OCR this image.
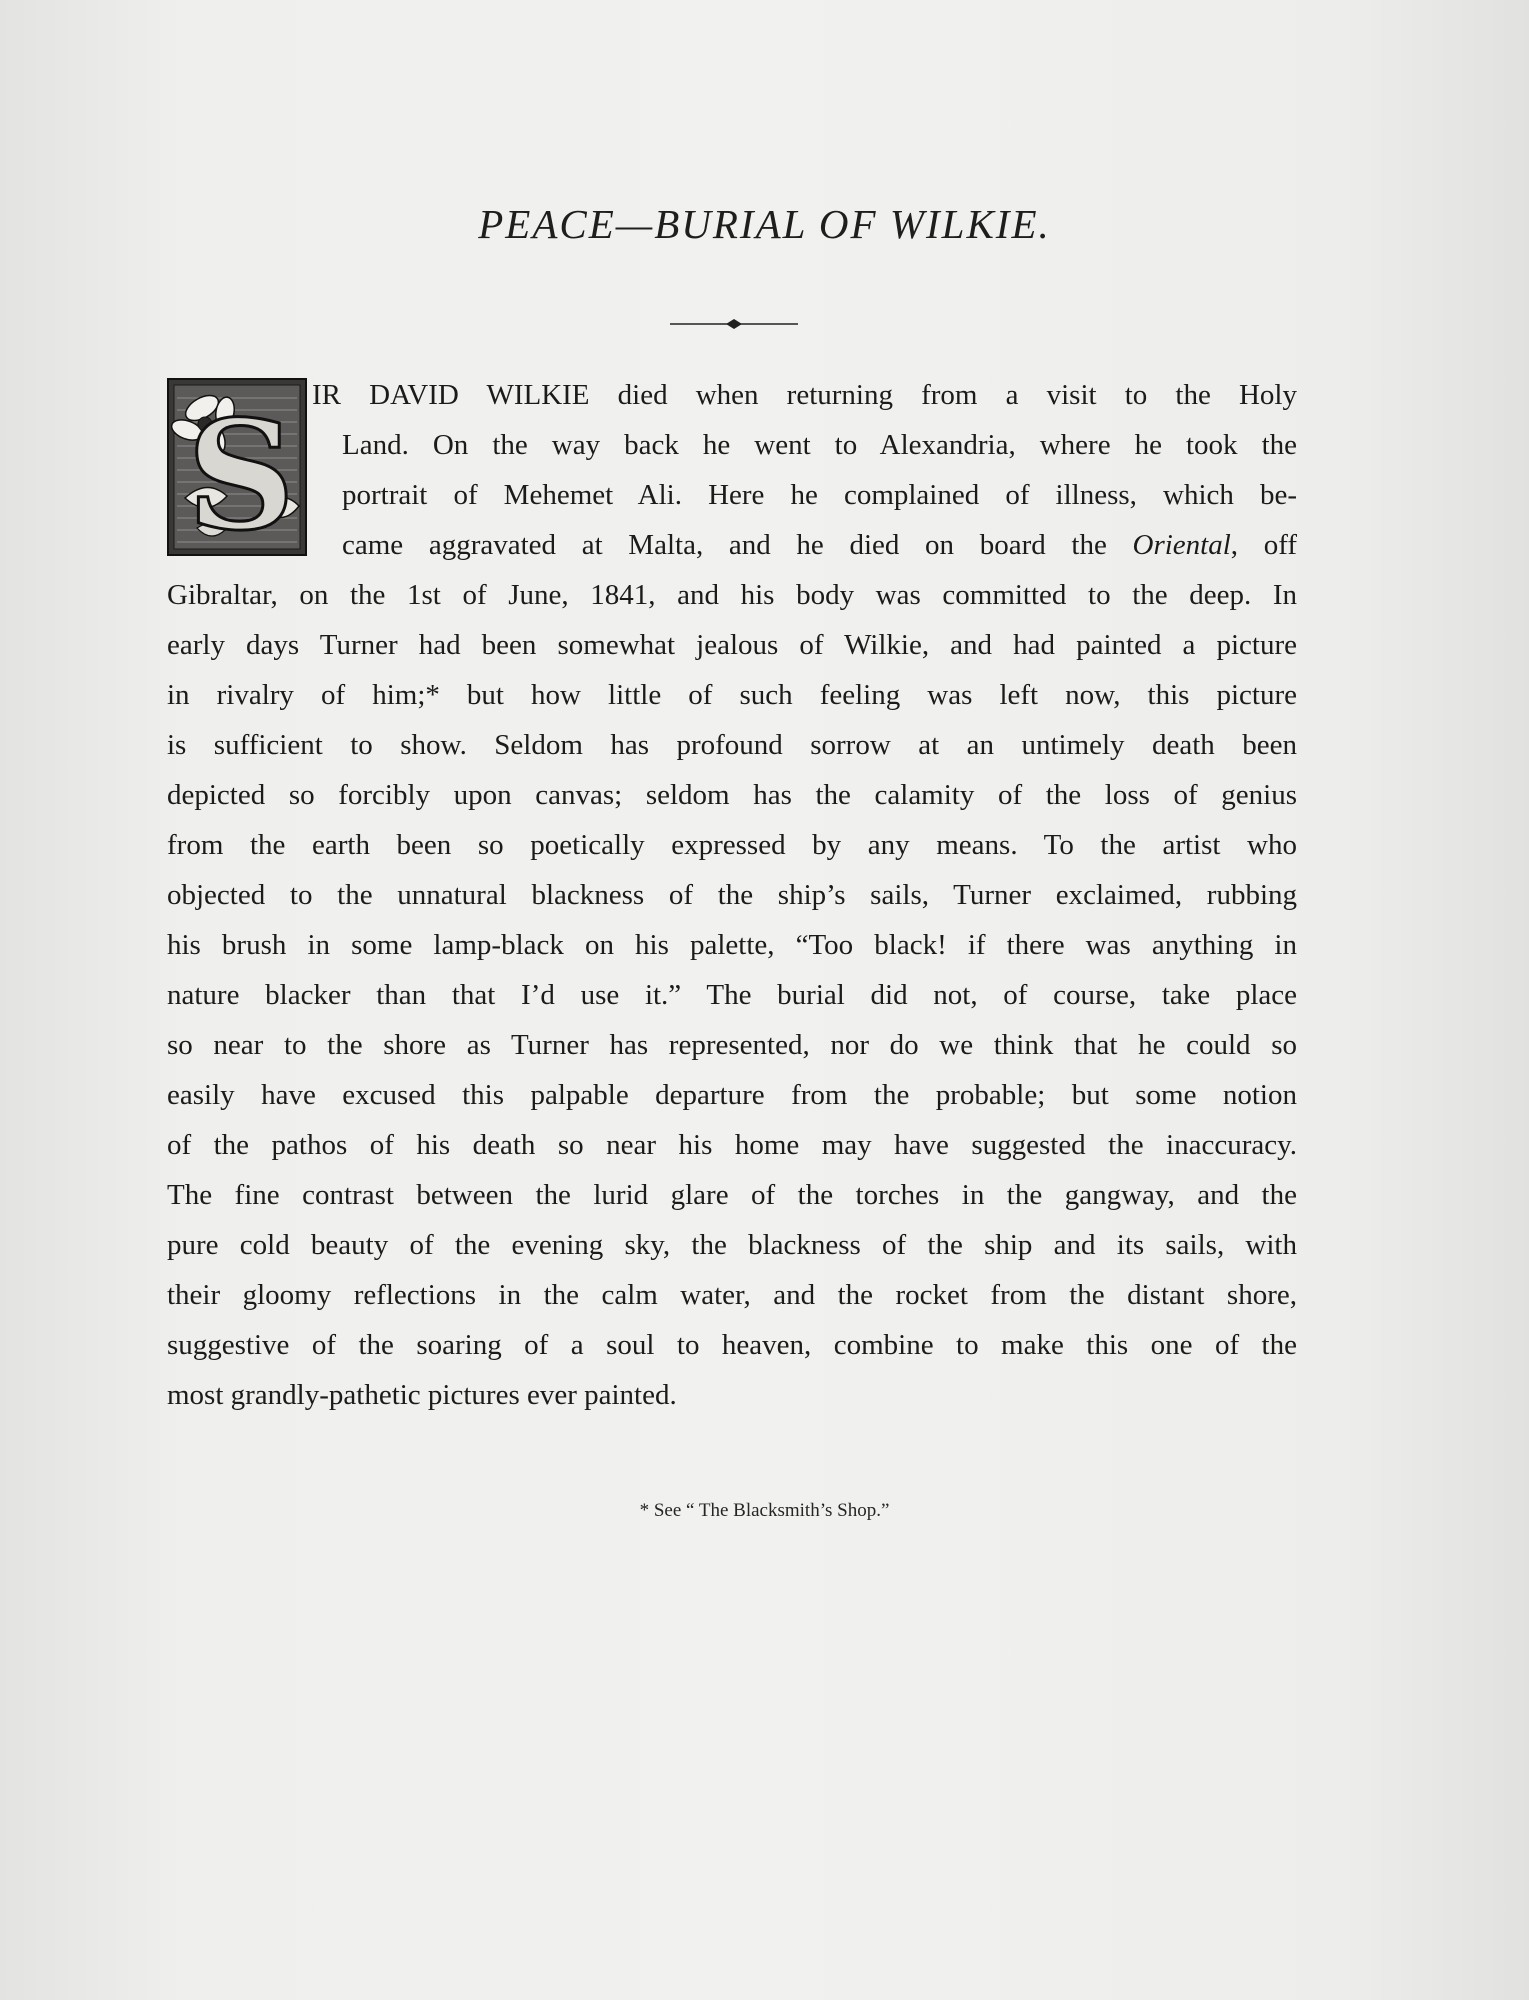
PEACE—BURIAL OF WILKIE.
S IR DAVID WILKIE died when returning from a visit to the Holy
Land. On the way back he went to Alexandria, where he took the
portrait of Mehemet Ali. Here he complained of illness, which be-
came aggravated at Malta, and he died on board the Oriental, off
Gibraltar, on the 1st of June, 1841, and his body was committed to the deep. In
early days Turner had been somewhat jealous of Wilkie, and had painted a picture
in rivalry of him;* but how little of such feeling was left now, this picture
is sufficient to show. Seldom has profound sorrow at an untimely death been
depicted so forcibly upon canvas; seldom has the calamity of the loss of genius
from the earth been so poetically expressed by any means. To the artist who
objected to the unnatural blackness of the ship’s sails, Turner exclaimed, rubbing
his brush in some lamp-black on his palette, “Too black! if there was anything in
nature blacker than that I’d use it.” The burial did not, of course, take place
so near to the shore as Turner has represented, nor do we think that he could so
easily have excused this palpable departure from the probable; but some notion
of the pathos of his death so near his home may have suggested the inaccuracy.
The fine contrast between the lurid glare of the torches in the gangway, and the
pure cold beauty of the evening sky, the blackness of the ship and its sails, with
their gloomy reflections in the calm water, and the rocket from the distant shore,
suggestive of the soaring of a soul to heaven, combine to make this one of the
most grandly-pathetic pictures ever painted.
* See “ The Blacksmith’s Shop.”
